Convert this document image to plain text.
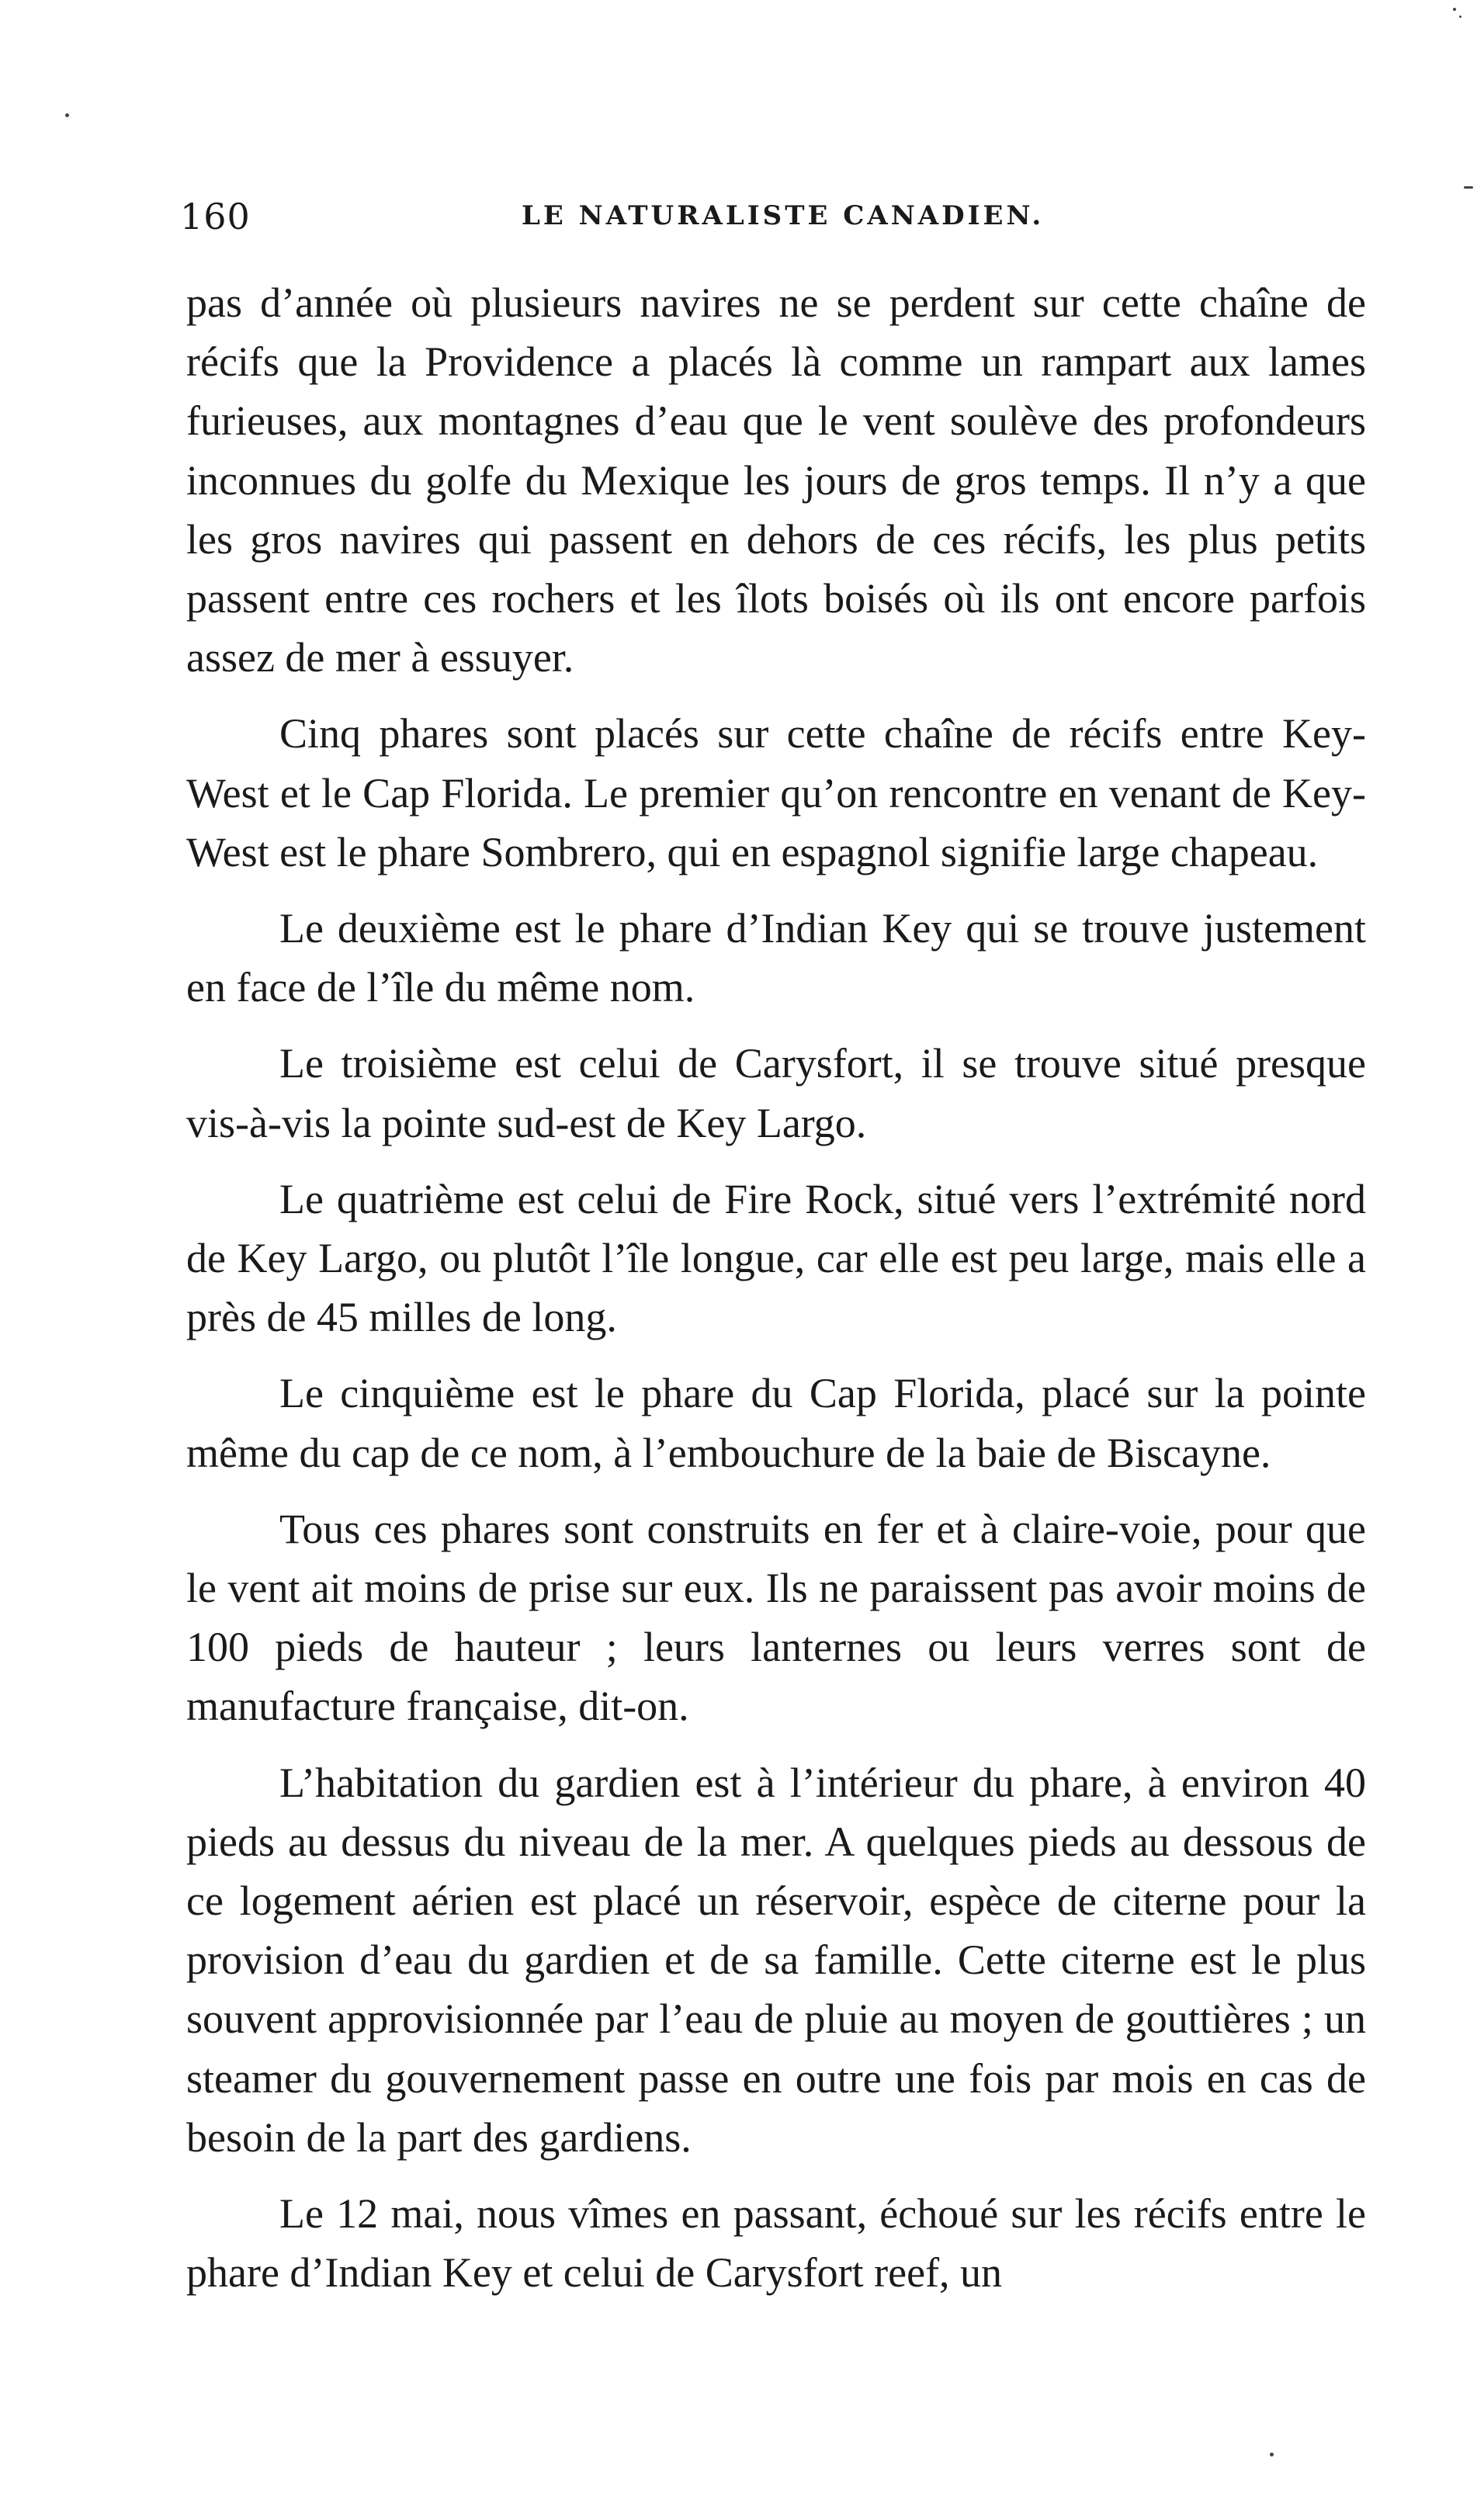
160	LE NATURALISTE CANADIEN.

pas d’année où plusieurs navires ne se perdent sur cette chaîne de récifs que la Providence a placés là comme un rampart aux lames furieuses, aux montagnes d’eau que le vent soulève des profondeurs inconnues du golfe du Mexique les jours de gros temps. Il n’y a que les gros navires qui passent en dehors de ces récifs, les plus petits passent entre ces rochers et les îlots boisés où ils ont encore parfois assez de mer à essuyer.

Cinq phares sont placés sur cette chaîne de récifs entre Key-West et le Cap Florida. Le premier qu’on rencontre en venant de Key-West est le phare Sombrero, qui en espagnol signifie large chapeau.

Le deuxième est le phare d’Indian Key qui se trouve justement en face de l’île du même nom.

Le troisième est celui de Carysfort, il se trouve situé presque vis-à-vis la pointe sud-est de Key Largo.

Le quatrième est celui de Fire Rock, situé vers l’extrémité nord de Key Largo, ou plutôt l’île longue, car elle est peu large, mais elle a près de 45 milles de long.

Le cinquième est le phare du Cap Florida, placé sur la pointe même du cap de ce nom, à l’embouchure de la baie de Biscayne.

Tous ces phares sont construits en fer et à claire-voie, pour que le vent ait moins de prise sur eux. Ils ne paraissent pas avoir moins de 100 pieds de hauteur ; leurs lanternes ou leurs verres sont de manufacture française, dit-on.

L’habitation du gardien est à l’intérieur du phare, à environ 40 pieds au dessus du niveau de la mer. A quelques pieds au dessous de ce logement aérien est placé un réservoir, espèce de citerne pour la provision d’eau du gardien et de sa famille. Cette citerne est le plus souvent approvisionnée par l’eau de pluie au moyen de gouttières ; un steamer du gouvernement passe en outre une fois par mois en cas de besoin de la part des gardiens.

Le 12 mai, nous vîmes en passant, échoué sur les récifs entre le phare d’Indian Key et celui de Carysfort reef, un
